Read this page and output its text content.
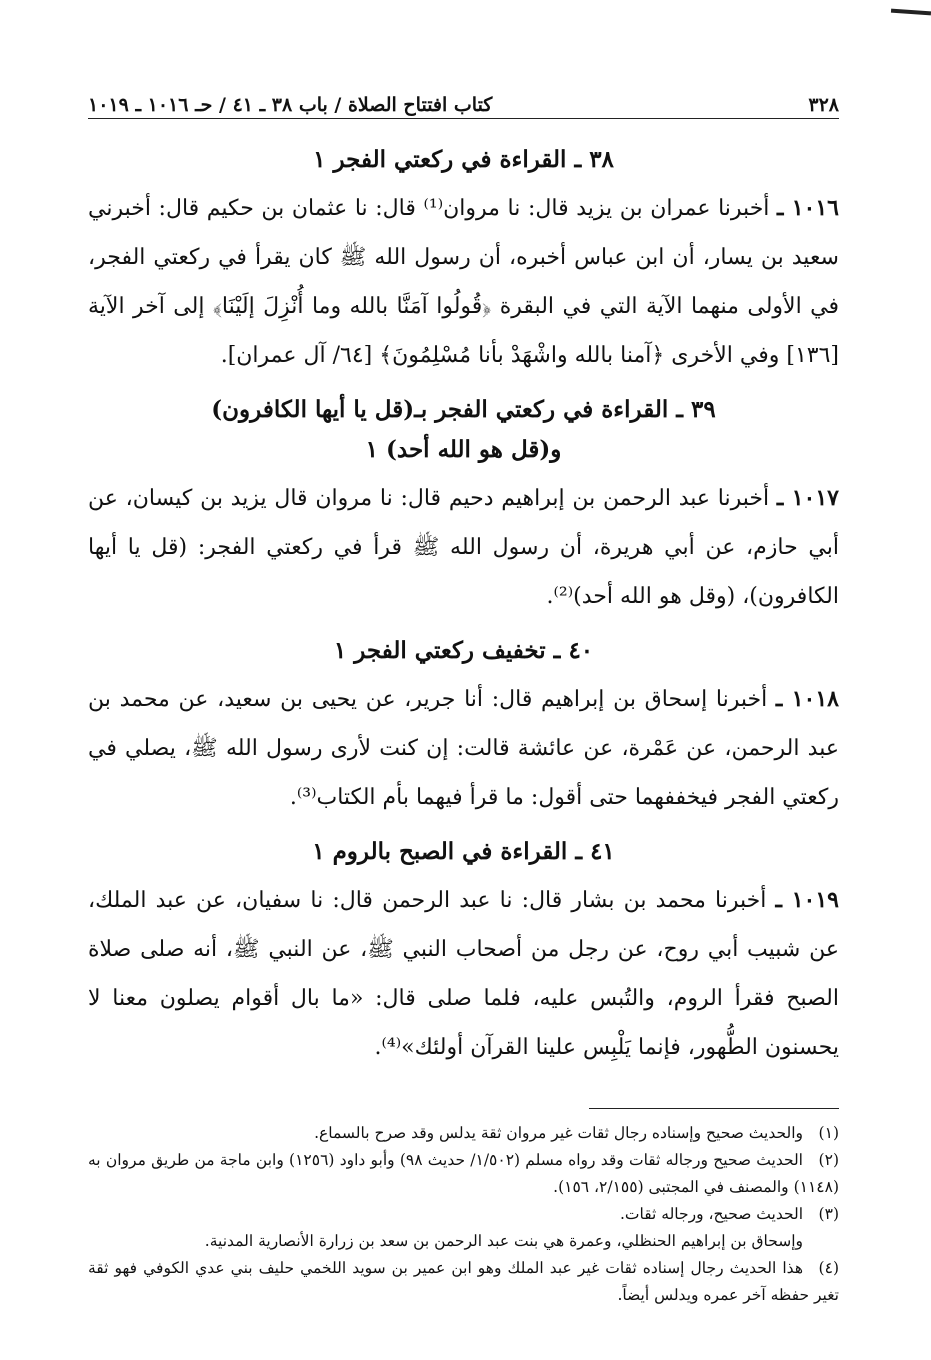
٣٢٨
كتاب افتتاح الصلاة / باب ٣٨ ـ ٤١ / حـ ١٠١٦ ـ ١٠١٩

٣٨ ـ القراءة في ركعتي الفجر ١

١٠١٦ ـ أخبرنا عمران بن يزيد قال: نا مروان⁽¹⁾ قال: نا عثمان بن حكيم قال: أخبرني سعيد بن يسار، أن ابن عباس أخبره، أن رسول الله ﷺ كان يقرأ في ركعتي الفجر، في الأولى منهما الآية التي في البقرة ﴿قُولُوا آمَنَّا بالله وما أُنْزِلَ إلَيْنَا﴾ إلى آخر الآية [١٣٦] وفي الأخرى ﴿آمنا بالله واشْهَدْ بأنا مُسْلِمُونَ﴾ [٦٤/ آل عمران].

٣٩ ـ القراءة في ركعتي الفجر بـ(قل يا أيها الكافرون)

و(قل هو الله أحد) ١

١٠١٧ ـ أخبرنا عبد الرحمن بن إبراهيم دحيم قال: نا مروان قال يزيد بن كيسان، عن أبي حازم، عن أبي هريرة، أن رسول الله ﷺ قرأ في ركعتي الفجر: (قل يا أيها الكافرون)، (وقل هو الله أحد)⁽²⁾.

٤٠ ـ تخفيف ركعتي الفجر ١

١٠١٨ ـ أخبرنا إسحاق بن إبراهيم قال: أنا جرير، عن يحيى بن سعيد، عن محمد بن عبد الرحمن، عن عَمْرة، عن عائشة قالت: إن كنت لأرى رسول الله ﷺ، يصلي في ركعتي الفجر فيخففهما حتى أقول: ما قرأ فيهما بأم الكتاب⁽³⁾.

٤١ ـ القراءة في الصبح بالروم ١

١٠١٩ ـ أخبرنا محمد بن بشار قال: نا عبد الرحمن قال: نا سفيان، عن عبد الملك، عن شبيب أبي روح، عن رجل من أصحاب النبي ﷺ، عن النبي ﷺ، أنه صلى صلاة الصبح فقرأ الروم، والتُبس عليه، فلما صلى قال: «ما بال أقوام يصلون معنا لا يحسنون الطُّهور، فإنما يَلْبِس علينا القرآن أولئك»⁽⁴⁾.

(١)والحديث صحيح وإسناده رجال ثقات غير مروان ثقة يدلس وقد صرح بالسماع.

(٢)الحديث صحيح ورجاله ثقات وقد رواه مسلم (١/٥٠٢/ حديث ٩٨) وأبو داود (١٢٥٦) وابن ماجة من طريق مروان به (١١٤٨) والمصنف في المجتبى (٢/١٥٥، ١٥٦).

(٣)الحديث صحيح، ورجاله ثقات.

وإسحاق بن إبراهيم الحنظلي، وعمرة هي بنت عبد الرحمن بن سعد بن زرارة الأنصارية المدنية.

(٤)هذا الحديث رجال إسناده ثقات غير عبد الملك وهو ابن عمير بن سويد اللخمي حليف بني عدي الكوفي فهو ثقة تغير حفظه آخر عمره ويدلس أيضاً.
